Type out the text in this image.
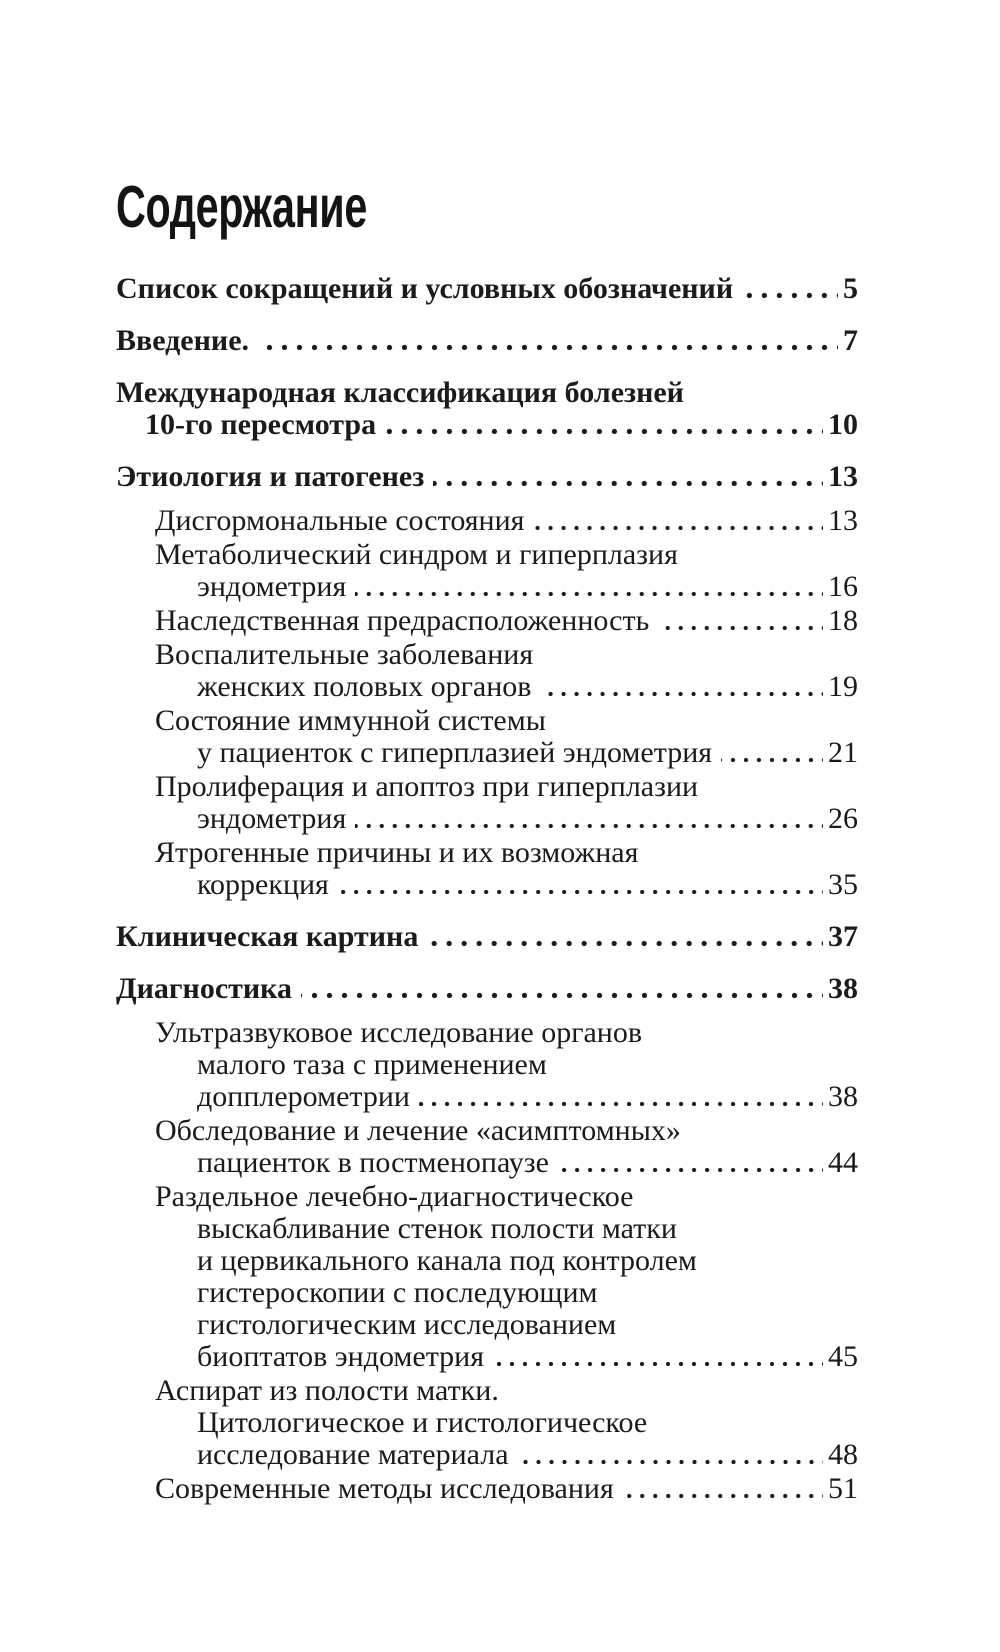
Содержание
Список сокращений и условных обозначений	5
Введение.	7
Международная классификация болезней
10-го пересмотра	10
Этиология и патогенез	13
Дисгормональные состояния	13
Метаболический синдром и гиперплазия
эндометрия	16
Наследственная предрасположенность	18
Воспалительные заболевания
женских половых органов	19
Состояние иммунной системы
у пациенток с гиперплазией эндометрия	21
Пролиферация и апоптоз при гиперплазии
эндометрия	26
Ятрогенные причины и их возможная
коррекция	35
Клиническая картина	37
Диагностика	38
Ультразвуковое исследование органов
малого таза с применением
допплерометрии	38
Обследование и лечение «асимптомных»
пациенток в постменопаузе	44
Раздельное лечебно-диагностическое
выскабливание стенок полости матки
и цервикального канала под контролем
гистероскопии с последующим
гистологическим исследованием
биоптатов эндометрия	45
Аспират из полости матки.
Цитологическое и гистологическое
исследование материала	48
Современные методы исследования	51
